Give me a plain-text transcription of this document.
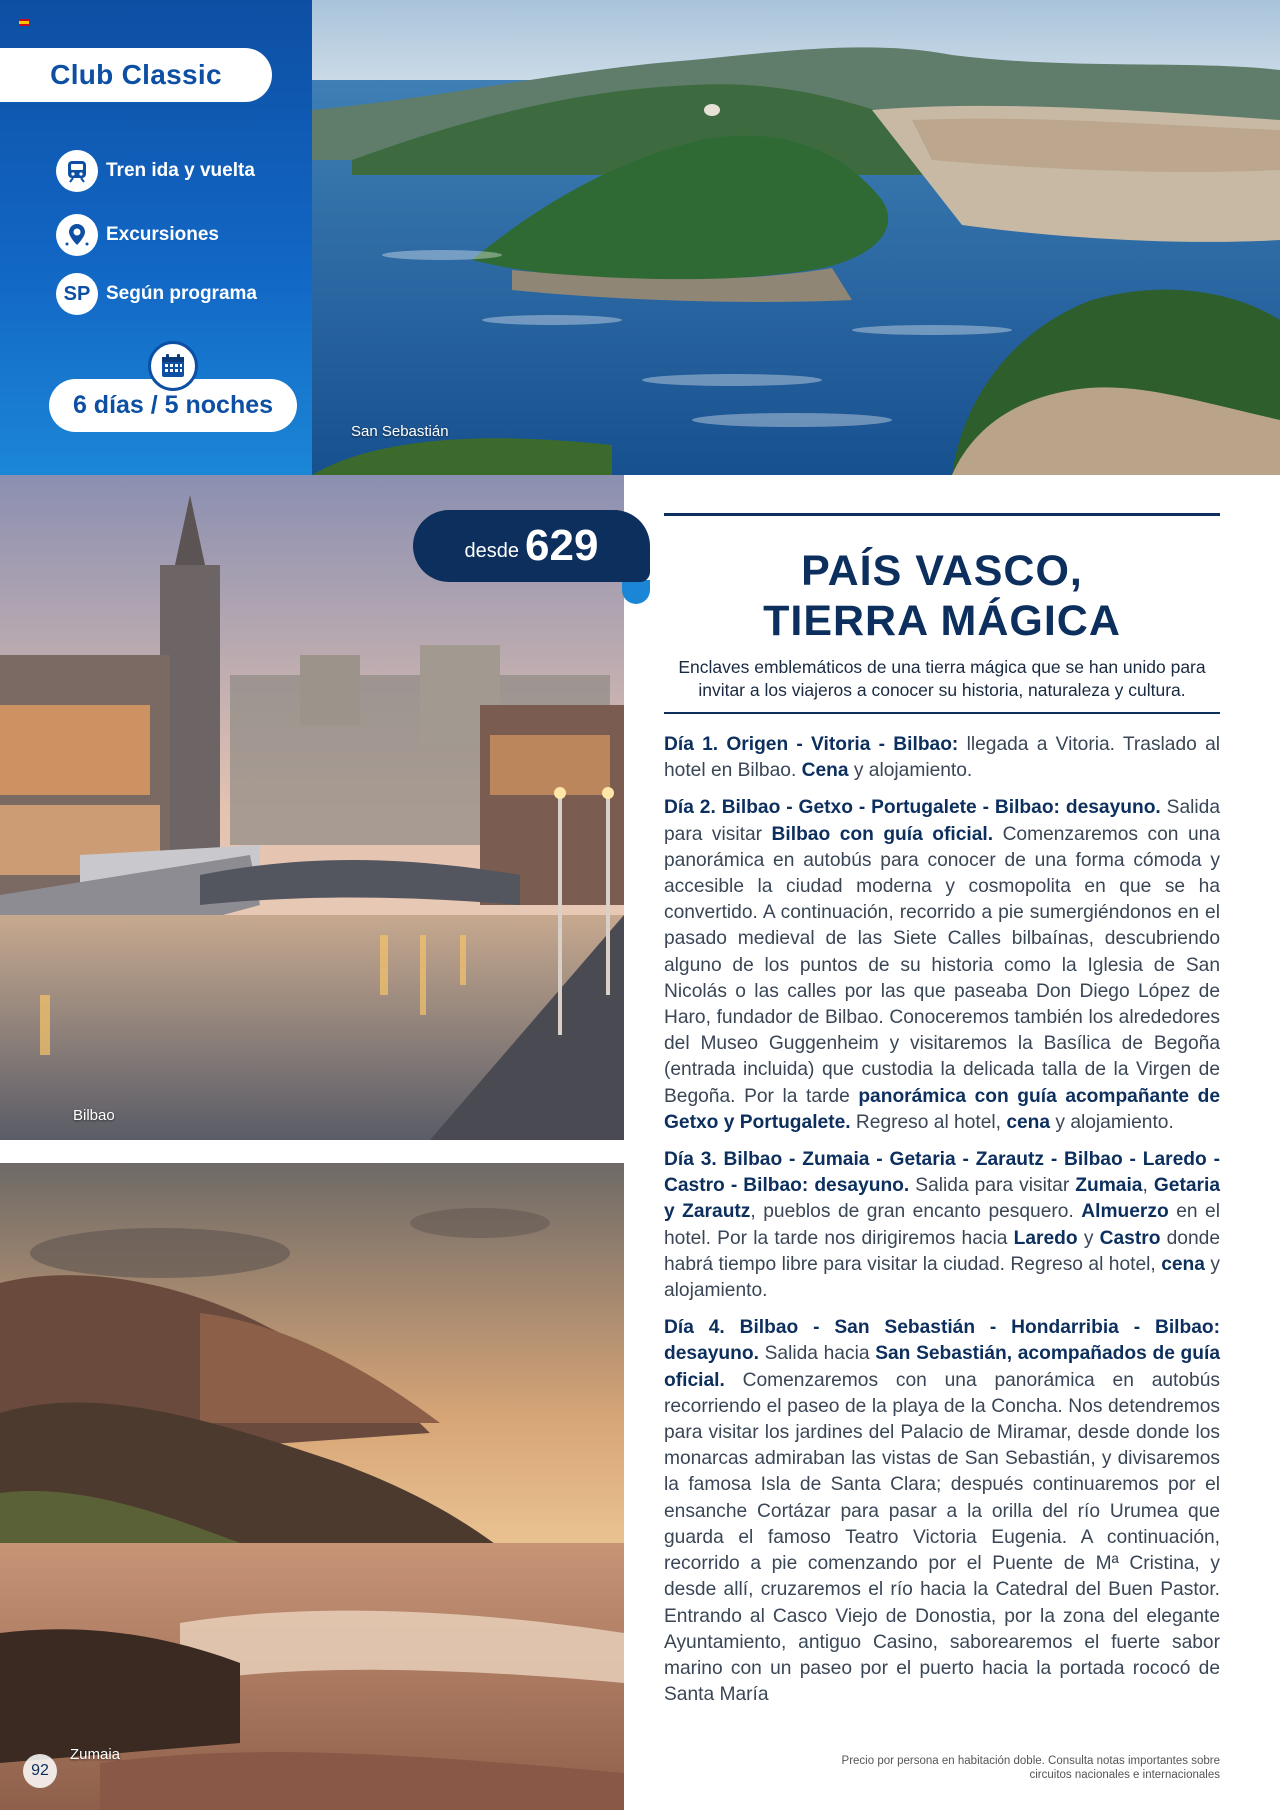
Club Classic
Tren ida y vuelta
Excursiones
SP Según programa
6 días / 5 noches
San Sebastián
Bilbao
Zumaia
92
desde 629
PAÍS VASCO,
TIERRA MÁGICA
Enclaves emblemáticos de una tierra mágica que se han unido para
invitar a los viajeros a conocer su historia, naturaleza y cultura.

Día 1. Origen - Vitoria - Bilbao: llegada a Vitoria. Traslado al hotel en Bilbao. Cena y alojamiento.

Día 2. Bilbao - Getxo - Portugalete - Bilbao: desayuno. Salida para visitar Bilbao con guía oficial. Comenzaremos con una panorámica en autobús para conocer de una forma cómoda y accesible la ciudad moderna y cosmopolita en que se ha convertido. A continuación, recorrido a pie sumergiéndonos en el pasado medieval de las Siete Calles bilbaínas, descubriendo alguno de los puntos de su historia como la Iglesia de San Nicolás o las calles por las que paseaba Don Diego López de Haro, fundador de Bilbao. Conoceremos también los alrededores del Museo Guggenheim y visitaremos la Basílica de Begoña (entrada incluida) que custodia la delicada talla de la Virgen de Begoña. Por la tarde panorámica con guía acompañante de Getxo y Portugalete. Regreso al hotel, cena y alojamiento.

Día 3. Bilbao - Zumaia - Getaria - Zarautz - Bilbao - Laredo - Castro - Bilbao: desayuno. Salida para visitar Zumaia, Getaria y Zarautz, pueblos de gran encanto pesquero. Almuerzo en el hotel. Por la tarde nos dirigiremos hacia Laredo y Castro donde habrá tiempo libre para visitar la ciudad. Regreso al hotel, cena y alojamiento.

Día 4. Bilbao - San Sebastián - Hondarribia - Bilbao: desayuno. Salida hacia San Sebastián, acompañados de guía oficial. Comenzaremos con una panorámica en autobús recorriendo el paseo de la playa de la Concha. Nos detendremos para visitar los jardines del Palacio de Miramar, desde donde los monarcas admiraban las vistas de San Sebastián, y divisaremos la famosa Isla de Santa Clara; después continuaremos por el ensanche Cortázar para pasar a la orilla del río Urumea que guarda el famoso Teatro Victoria Eugenia. A continuación, recorrido a pie comenzando por el Puente de Mª Cristina, y desde allí, cruzaremos el río hacia la Catedral del Buen Pastor. Entrando al Casco Viejo de Donostia, por la zona del elegante Ayuntamiento, antiguo Casino, saborearemos el fuerte sabor marino con un paseo por el puerto hacia la portada rococó de Santa María

Precio por persona en habitación doble. Consulta notas importantes sobre
circuitos nacionales e internacionales
